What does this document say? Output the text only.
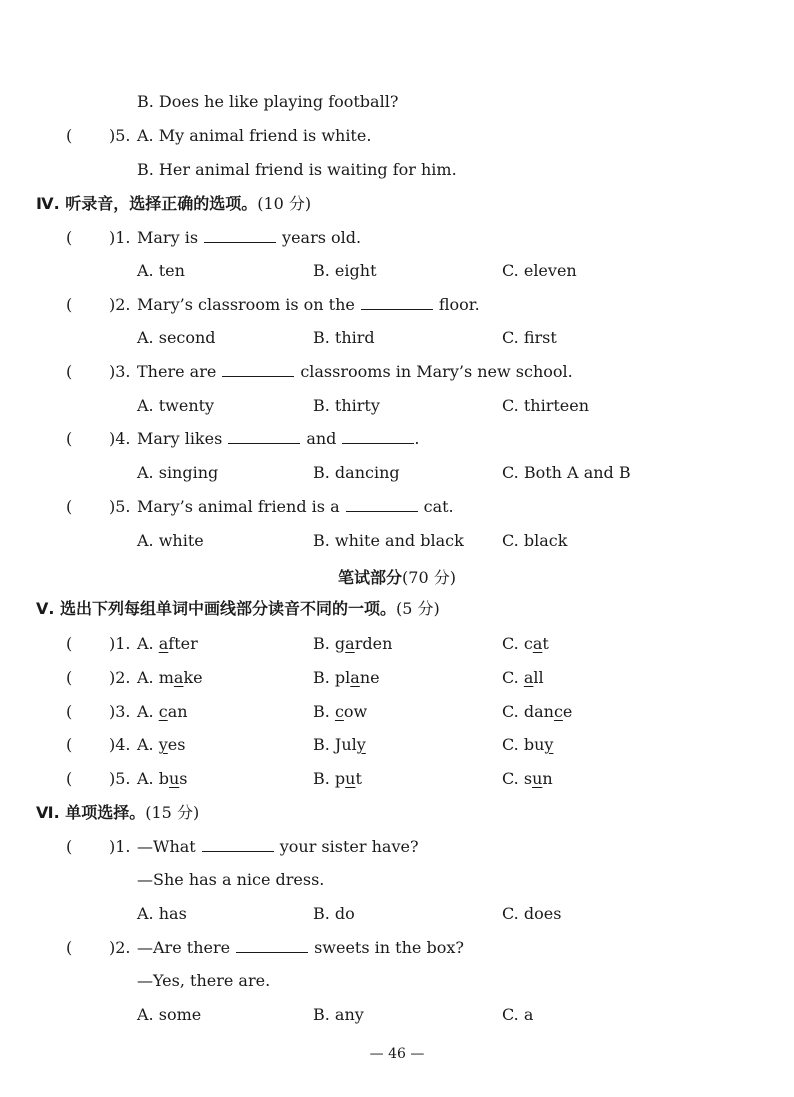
B. Does he like playing football?
( )5. A. My animal friend is white.
B. Her animal friend is waiting for him.
Ⅳ. 听录音，选择正确的选项。(10 分)
( )1. Mary is	years old.
A. ten	B. eight	C. eleven
( )2. Mary’s classroom is on the	floor.
A. second	B. third	C. first
( )3. There are	classrooms in Mary’s new school.
A. twenty	B. thirty	C. thirteen
( )4. Mary likes	and	.
A. singing	B. dancing	C. Both A and B
( )5. Mary’s animal friend is a	cat.
A. white	B. white and black C. black
笔试部分(70 分)
Ⅴ. 选出下列每组单词中画线部分读音不同的一项。(5 分)
( )1. A. after	B. garden	C. cat
( )2. A. make	B. plane	C. all
( )3. A. can	B. cow	C. dance
( )4. A. yes	B. July	C. buy
( )5. A. bus	B. put	C. sun
Ⅵ. 单项选择。(15 分)
( )1. —What	your sister have?
—She has a nice dress.
A. has	B. do	C. does
( )2. —Are there	sweets in the box?
—Yes, there are.
A. some	B. any	C. a
— 46 —
